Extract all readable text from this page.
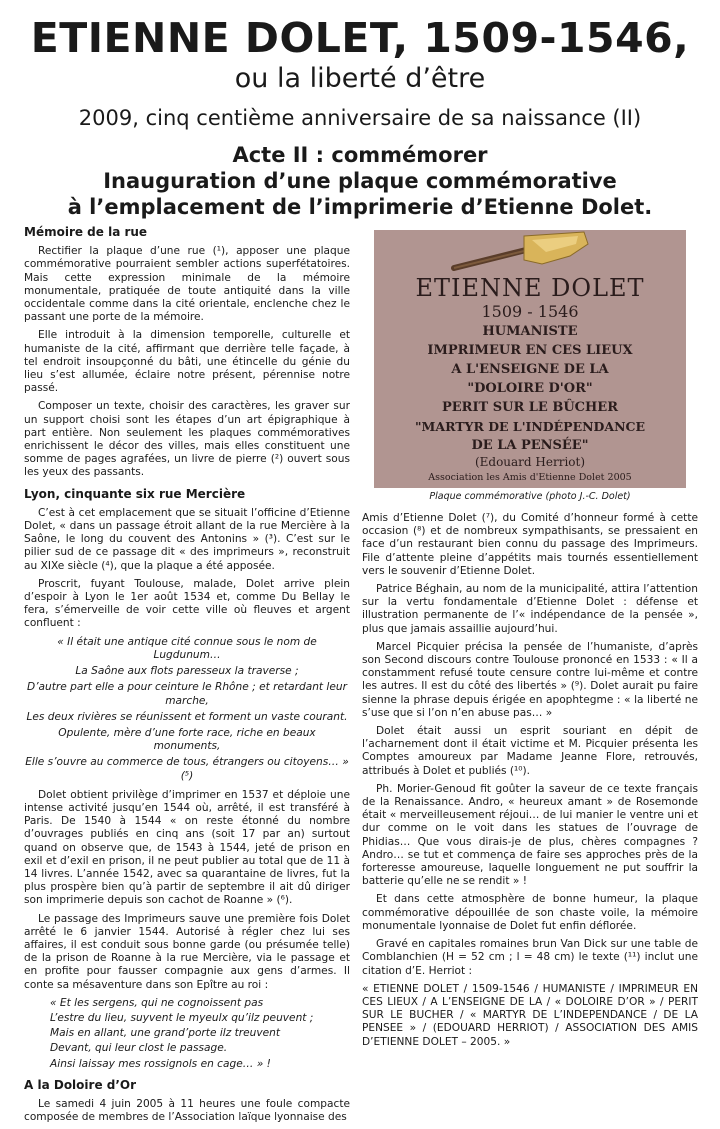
ETIENNE DOLET, 1509-1546,
ou la liberté d’être
2009, cinq centième anniversaire de sa naissance (II)
Acte II : commémorer
Inauguration d’une plaque commémorative
à l’emplacement de l’imprimerie d’Etienne Dolet.
Mémoire de la rue

Rectifier la plaque d’une rue (¹), apposer une plaque commémorative pourraient sembler actions superfétatoires. Mais cette expression minimale de la mémoire monumentale, pratiquée de toute antiquité dans la ville occidentale comme dans la cité orientale, enclenche chez le passant une porte de la mémoire.

Elle introduit à la dimension temporelle, culturelle et humaniste de la cité, affirmant que derrière telle façade, à tel endroit insoupçonné du bâti, une étincelle du génie du lieu s’est allumée, éclaire notre présent, pérennise notre passé.

Composer un texte, choisir des caractères, les graver sur un support choisi sont les étapes d’un art épigraphique à part entière. Non seulement les plaques commémoratives enrichissent le décor des villes, mais elles constituent une somme de pages agrafées, un livre de pierre (²) ouvert sous les yeux des passants.

Lyon, cinquante six rue Mercière

C’est à cet emplacement que se situait l’officine d’Etienne Dolet, « dans un passage étroit allant de la rue Mercière à la Saône, le long du couvent des Antonins » (³). C’est sur le pilier sud de ce passage dit « des imprimeurs », reconstruit au XIXe siècle (⁴), que la plaque a été apposée.

Proscrit, fuyant Toulouse, malade, Dolet arrive plein d’espoir à Lyon le 1er août 1534 et, comme Du Bellay le fera, s’émerveille de voir cette ville où fleuves et argent confluent :

« Il était une antique cité connue sous le nom de Lugdunum…
La Saône aux flots paresseux la traverse ;
D’autre part elle a pour ceinture le Rhône ; et retardant leur marche,
Les deux rivières se réunissent et forment un vaste courant.
Opulente, mère d’une forte race, riche en beaux monuments,
Elle s’ouvre au commerce de tous, étrangers ou citoyens… » (⁵)

Dolet obtient privilège d’imprimer en 1537 et déploie une intense activité jusqu’en 1544 où, arrêté, il est transféré à Paris. De 1540 à 1544 « on reste étonné du nombre d’ouvrages publiés en cinq ans (soit 17 par an) surtout quand on observe que, de 1543 à 1544, jeté de prison en exil et d’exil en prison, il ne peut publier au total que de 11 à 14 livres. L’année 1542, avec sa quarantaine de livres, fut la plus prospère bien qu’à partir de septembre il ait dû diriger son imprimerie depuis son cachot de Roanne » (⁶).

Le passage des Imprimeurs sauve une première fois Dolet arrêté le 6 janvier 1544. Autorisé à régler chez lui ses affaires, il est conduit sous bonne garde (ou présumée telle) de la prison de Roanne à la rue Mercière, via le passage et en profite pour fausser compagnie aux gens d’armes. Il conte sa mésaventure dans son Epître au roi :

« Et les sergens, qui ne cognoissent pas
L’estre du lieu, suyvent le myeulx qu’ilz peuvent ;
Mais en allant, une grand’porte ilz treuvent
Devant, qui leur clost le passage.
Ainsi laissay mes rossignols en cage… » !
A la Doloire d’Or

Le samedi 4 juin 2005 à 11 heures une foule compacte composée de membres de l’Association laïque lyonnaise des

ETIENNE DOLET
1509 - 1546
HUMANISTE
IMPRIMEUR EN CES LIEUX
A L'ENSEIGNE DE LA
"DOLOIRE D'OR"
PERIT SUR LE BÛCHER
"MARTYR DE L'INDÉPENDANCE
DE LA PENSÉE"
(Edouard Herriot)
Association les Amis d'Etienne Dolet 2005
Plaque commémorative (photo J.-C. Dolet)

Amis d’Etienne Dolet (⁷), du Comité d’honneur formé à cette occasion (⁸) et de nombreux sympathisants, se pressaient en face d’un restaurant bien connu du passage des Imprimeurs. File d’attente pleine d’appétits mais tournés essentiellement vers le souvenir d’Etienne Dolet.

Patrice Béghain, au nom de la municipalité, attira l’attention sur la vertu fondamentale d’Etienne Dolet : défense et illustration permanente de l’« indépendance de la pensée », plus que jamais assaillie aujourd’hui.

Marcel Picquier précisa la pensée de l’humaniste, d’après son Second discours contre Toulouse prononcé en 1533 : « Il a constamment refusé toute censure contre lui-même et contre les autres. Il est du côté des libertés » (⁹). Dolet aurait pu faire sienne la phrase depuis érigée en apophtegme : « la liberté ne s’use que si l’on n’en abuse pas… »

Dolet était aussi un esprit souriant en dépit de l’acharnement dont il était victime et M. Picquier présenta les Comptes amoureux par Madame Jeanne Flore, retrouvés, attribués à Dolet et publiés (¹⁰).

Ph. Morier-Genoud fit goûter la saveur de ce texte français de la Renaissance. Andro, « heureux amant » de Rosemonde était « merveilleusement réjoui… de lui manier le ventre uni et dur comme on le voit dans les statues de l’ouvrage de Phidias… Que vous dirais-je de plus, chères compagnes ? Andro… se tut et commença de faire ses approches près de la forteresse amoureuse, laquelle longuement ne put souffrir la batterie qu’elle ne se rendit » !

Et dans cette atmosphère de bonne humeur, la plaque commémorative dépouillée de son chaste voile, la mémoire monumentale lyonnaise de Dolet fut enfin déflorée.

Gravé en capitales romaines brun Van Dick sur une table de Comblanchien (H = 52 cm ; l = 48 cm) le texte (¹¹) inclut une citation d’E. Herriot :

« ETIENNE DOLET / 1509-1546 / HUMANISTE / IMPRIMEUR EN CES LIEUX / A L’ENSEIGNE DE LA / « DOLOIRE D’OR » / PERIT SUR LE BUCHER / « MARTYR DE L’INDEPENDANCE / DE LA PENSEE » / (EDOUARD HERRIOT) / ASSOCIATION DES AMIS D’ETIENNE DOLET – 2005. »
